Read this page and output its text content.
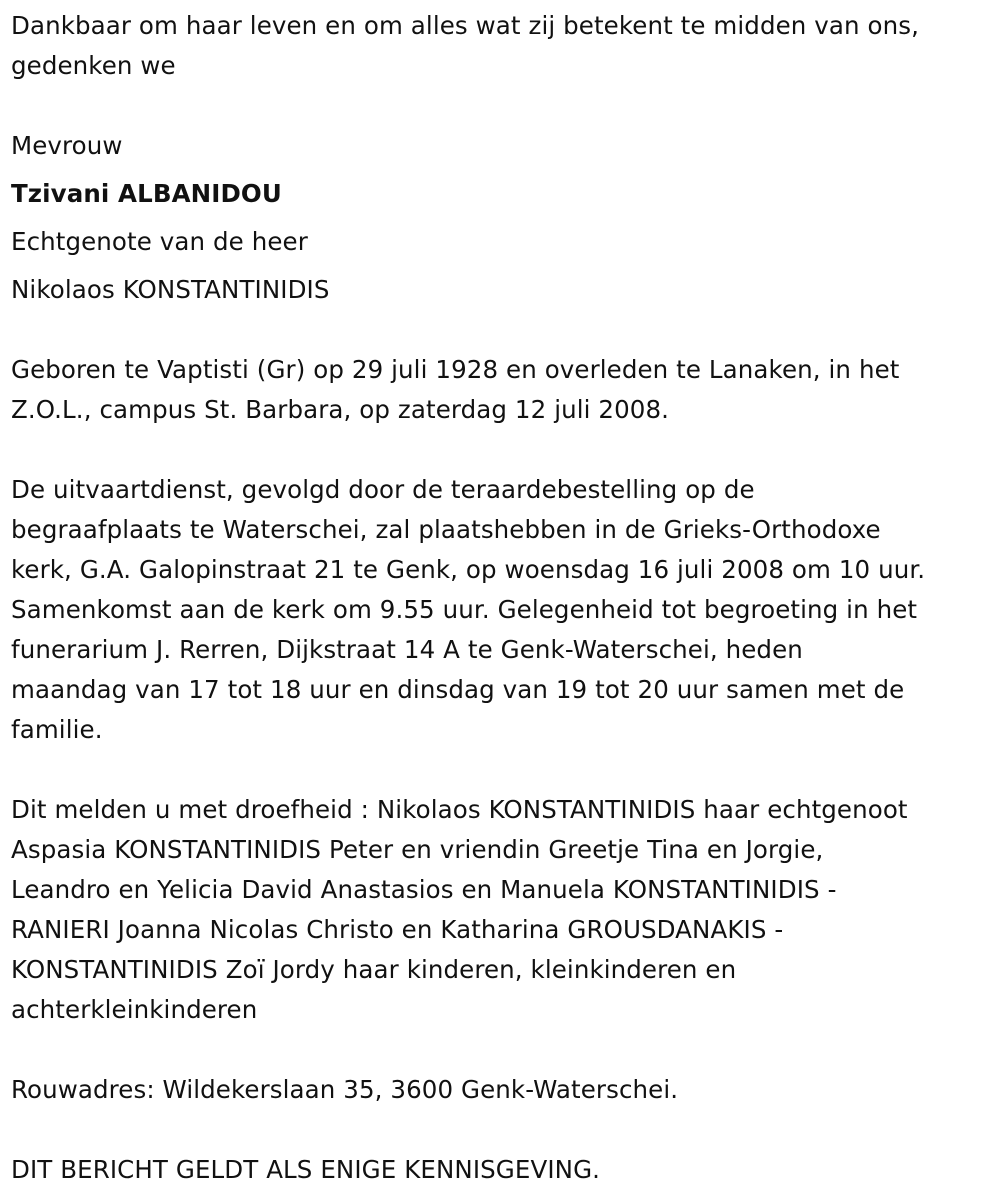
Dankbaar om haar leven en om alles wat zij betekent te midden van ons,
gedenken we

Mevrouw

Tzivani ALBANIDOU

Echtgenote van de heer

Nikolaos KONSTANTINIDIS

Geboren te Vaptisti (Gr) op 29 juli 1928 en overleden te Lanaken, in het
Z.O.L., campus St. Barbara, op zaterdag 12 juli 2008.

De uitvaartdienst, gevolgd door de teraardebestelling op de
begraafplaats te Waterschei, zal plaatshebben in de Grieks-Orthodoxe
kerk, G.A. Galopinstraat 21 te Genk, op woensdag 16 juli 2008 om 10 uur.
Samenkomst aan de kerk om 9.55 uur. Gelegenheid tot begroeting in het
funerarium J. Rerren, Dijkstraat 14 A te Genk-Waterschei, heden
maandag van 17 tot 18 uur en dinsdag van 19 tot 20 uur samen met de
familie.

Dit melden u met droefheid : Nikolaos KONSTANTINIDIS haar echtgenoot
Aspasia KONSTANTINIDIS Peter en vriendin Greetje Tina en Jorgie,
Leandro en Yelicia David Anastasios en Manuela KONSTANTINIDIS -
RANIERI Joanna Nicolas Christo en Katharina GROUSDANAKIS -
KONSTANTINIDIS Zoï Jordy haar kinderen, kleinkinderen en
achterkleinkinderen

Rouwadres: Wildekerslaan 35, 3600 Genk-Waterschei.

DIT BERICHT GELDT ALS ENIGE KENNISGEVING.
